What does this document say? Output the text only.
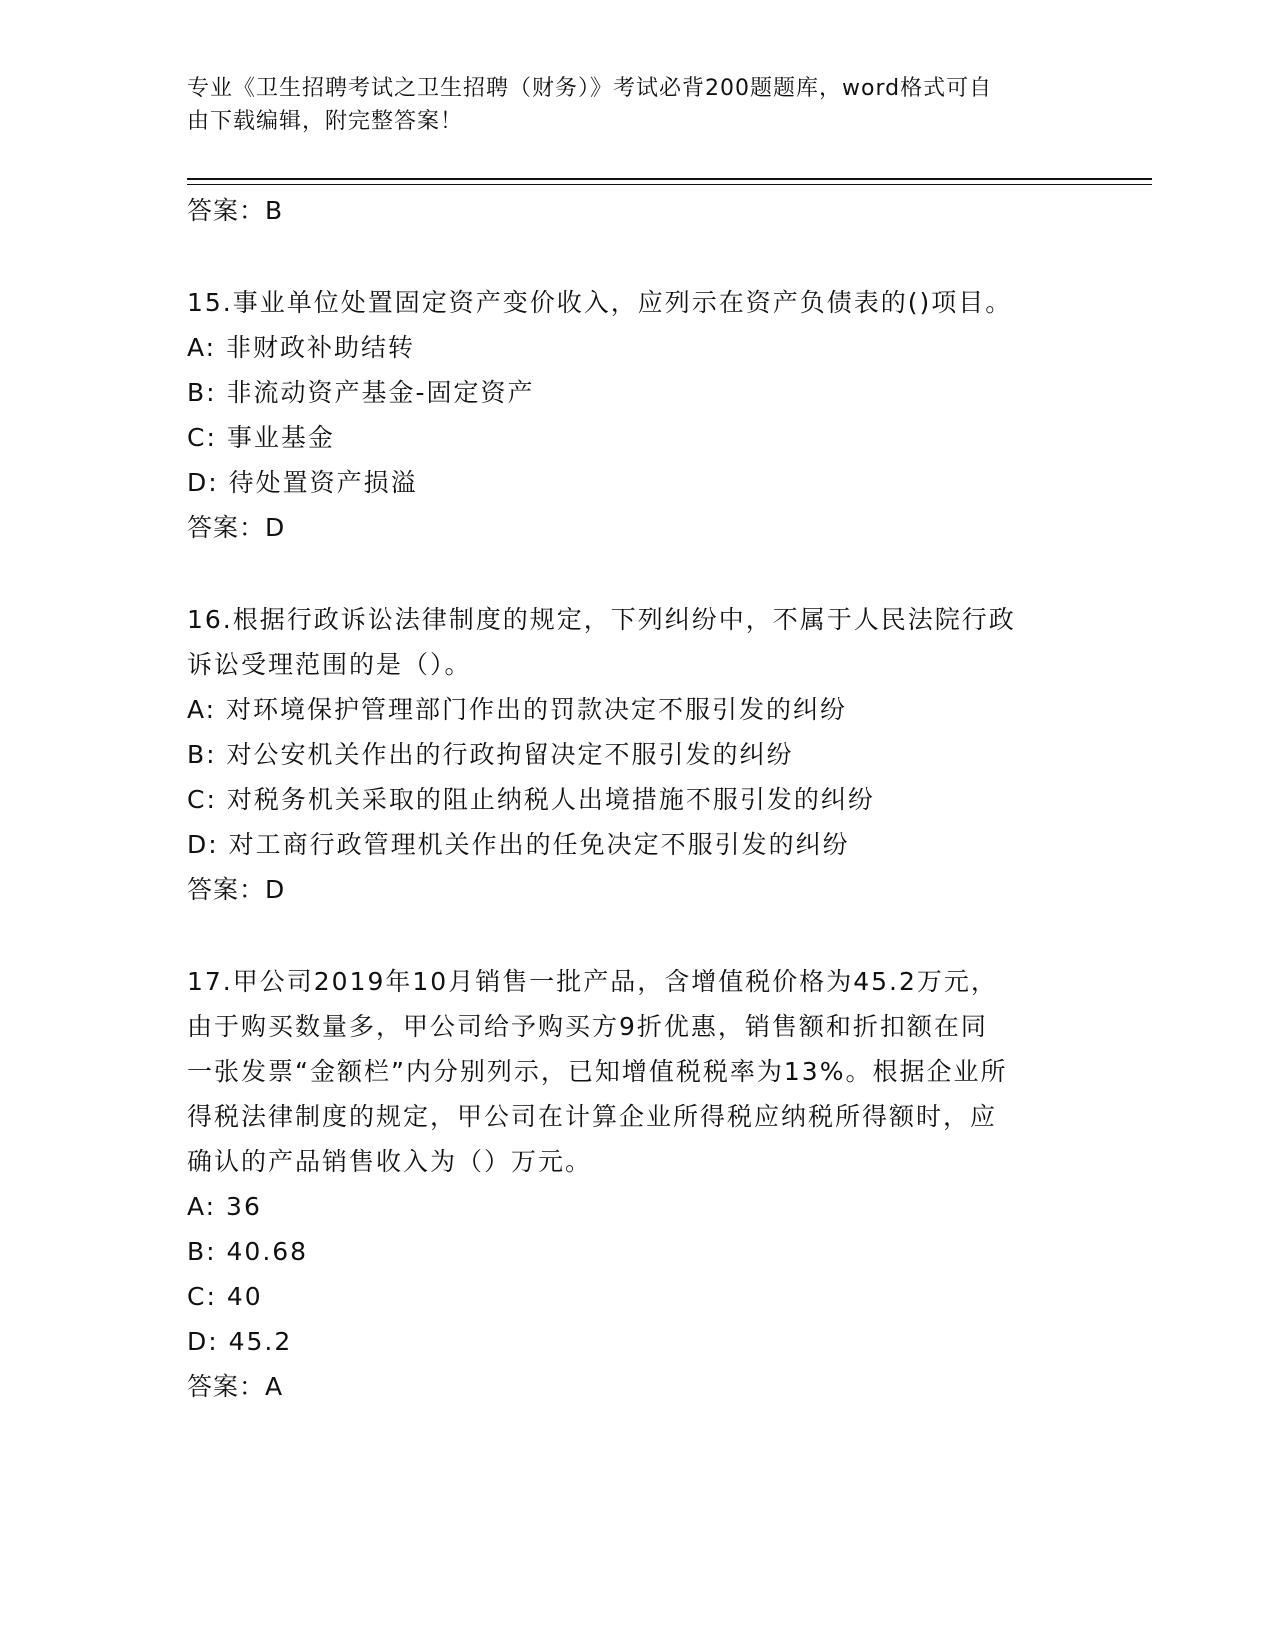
专业《卫生招聘考试之卫生招聘（财务）》考试必背200题题库，word格式可自
由下载编辑，附完整答案！
答案：B
15.事业单位处置固定资产变价收入，应列示在资产负债表的()项目。
A: 非财政补助结转
B: 非流动资产基金-固定资产
C: 事业基金
D: 待处置资产损溢
答案：D
16.根据行政诉讼法律制度的规定，下列纠纷中，不属于人民法院行政
诉讼受理范围的是（）。
A: 对环境保护管理部门作出的罚款决定不服引发的纠纷
B: 对公安机关作出的行政拘留决定不服引发的纠纷
C: 对税务机关采取的阻止纳税人出境措施不服引发的纠纷
D: 对工商行政管理机关作出的任免决定不服引发的纠纷
答案：D
17.甲公司2019年10月销售一批产品，含增值税价格为45.2万元，
由于购买数量多，甲公司给予购买方9折优惠，销售额和折扣额在同
一张发票“金额栏”内分别列示，已知增值税税率为13%。根据企业所
得税法律制度的规定，甲公司在计算企业所得税应纳税所得额时，应
确认的产品销售收入为（）万元。
A: 36
B: 40.68
C: 40
D: 45.2
答案：A
